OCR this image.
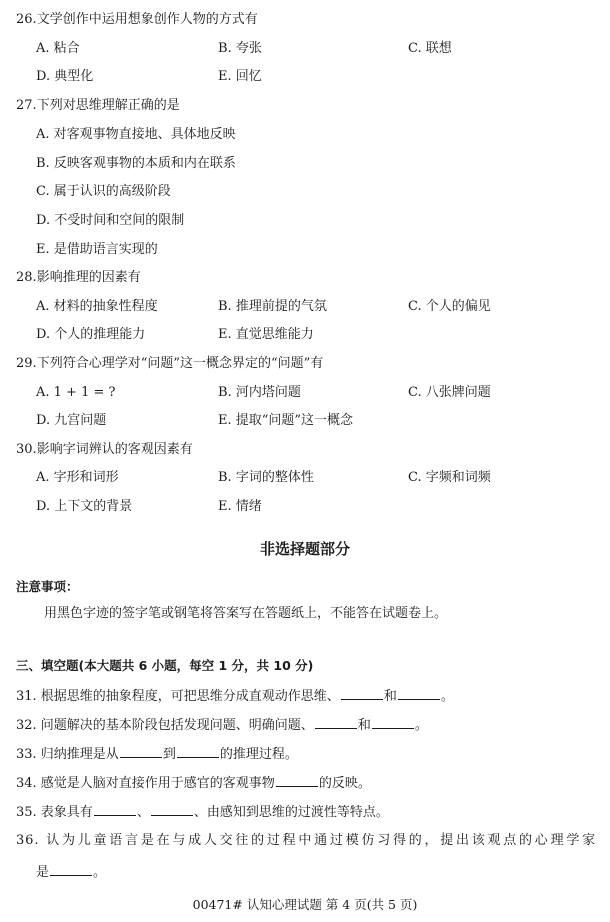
26.文学创作中运用想象创作人物的方式有
A. 粘合	B. 夸张	C. 联想
D. 典型化	E. 回忆
27.下列对思维理解正确的是
A. 对客观事物直接地、具体地反映
B. 反映客观事物的本质和内在联系
C. 属于认识的高级阶段
D. 不受时间和空间的限制
E. 是借助语言实现的
28.影响推理的因素有
A. 材料的抽象性程度	B. 推理前提的气氛	C. 个人的偏见
D. 个人的推理能力	E. 直觉思维能力
29.下列符合心理学对“问题”这一概念界定的“问题”有
A. 1 + 1 = ?	B. 河内塔问题	C. 八张牌问题
D. 九宫问题	E. 提取“问题”这一概念
30.影响字词辨认的客观因素有
A. 字形和词形	B. 字词的整体性	C. 字频和词频
D. 上下文的背景	E. 情绪
非选择题部分
注意事项：
用黑色字迹的签字笔或钢笔将答案写在答题纸上，不能答在试题卷上。
三、填空题(本大题共 6 小题，每空 1 分，共 10 分)
31. 根据思维的抽象程度，可把思维分成直观动作思维、	和	。
32. 问题解决的基本阶段包括发现问题、明确问题、	和	。
33. 归纳推理是从	到	的推理过程。
34. 感觉是人脑对直接作用于感官的客观事物	的反映。
35. 表象具有	、	、由感知到思维的过渡性等特点。
36. 认为儿童语言是在与成人交往的过程中通过模仿习得的，提出该观点的心理学家
是	。
00471# 认知心理试题 第 4 页(共 5 页)
